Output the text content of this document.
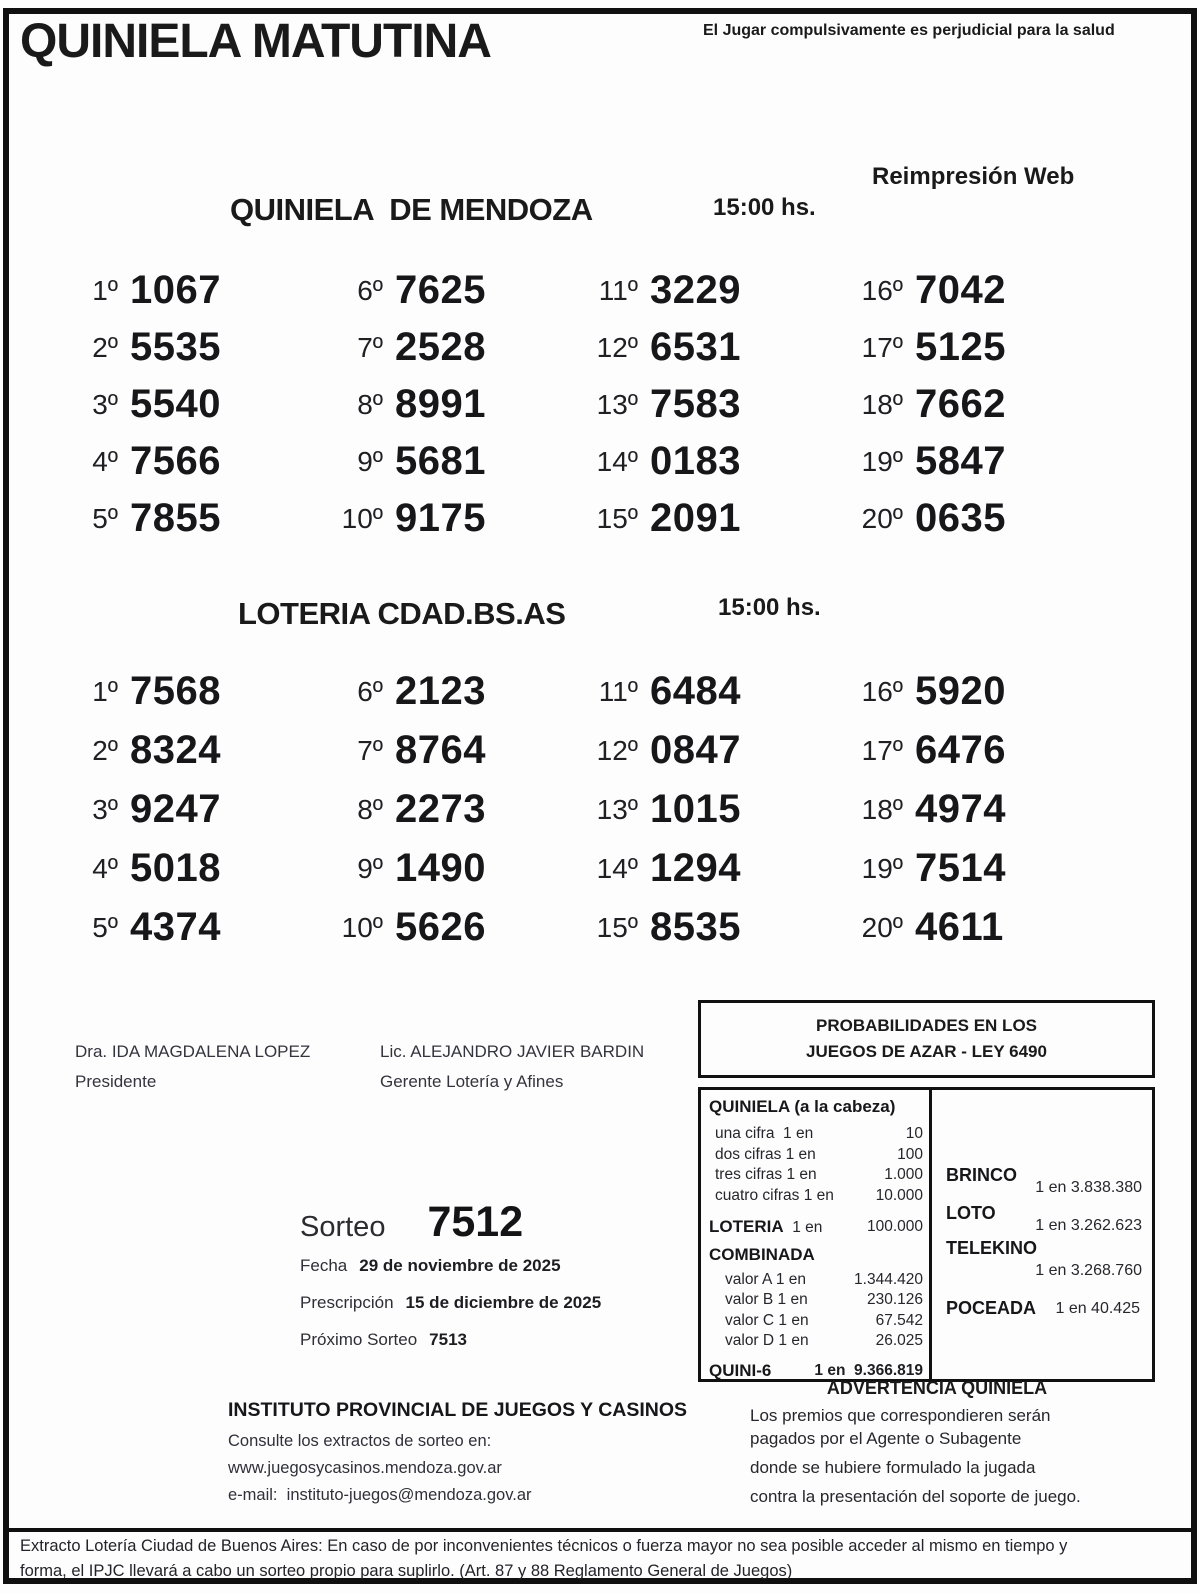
QUINIELA MATUTINA	El Jugar compulsivamente es perjudicial para la salud
QUINIELA  DE MENDOZA	15:00 hs.
Reimpresión Web
1º 1067
2º 5535
3º 5540
4º 7566
5º 7855
6º 7625
7º 2528
8º 8991
9º 5681
10º 9175
11º 3229
12º 6531
13º 7583
14º 0183
15º 2091
16º 7042
17º 5125
18º 7662
19º 5847
20º 0635
LOTERIA CDAD.BS.AS	15:00 hs.
1º 7568
2º 8324
3º 9247
4º 5018
5º 4374
6º 2123
7º 8764
8º 2273
9º 1490
10º 5626
11º 6484
12º 0847
13º 1015
14º 1294
15º 8535
16º 5920
17º 6476
18º 4974
19º 7514
20º 4611
Dra. IDA MAGDALENA LOPEZ
Presidente
Lic. ALEJANDRO JAVIER BARDIN
Gerente Lotería y Afines
Sorteo 7512
Fecha 29 de noviembre de 2025
Prescripción 15 de diciembre de 2025
Próximo Sorteo 7513
PROBABILIDADES EN LOS
JUEGOS DE AZAR - LEY 6490
QUINIELA (a la cabeza)
una cifra  1 en	10
dos cifras 1 en	100
tres cifras 1 en	1.000
cuatro cifras 1 en	10.000
LOTERIA 1 en	100.000
COMBINADA
valor A 1 en	1.344.420
valor B 1 en	230.126
valor C 1 en	67.542
valor D 1 en	26.025
QUINI-6	1 en  9.366.819
BRINCO
1 en 3.838.380
LOTO
1 en 3.262.623
TELEKINO
1 en 3.268.760
POCEADA 1 en 40.425
ADVERTENCIA QUINIELA
Los premios que correspondieren serán
pagados por el Agente o Subagente
donde se hubiere formulado la jugada
contra la presentación del soporte de juego.
INSTITUTO PROVINCIAL DE JUEGOS Y CASINOS
Consulte los extractos de sorteo en:
www.juegosycasinos.mendoza.gov.ar
e-mail:  instituto-juegos@mendoza.gov.ar
Extracto Lotería Ciudad de Buenos Aires: En caso de por inconvenientes técnicos o fuerza mayor no sea posible acceder al mismo en tiempo y
forma, el IPJC llevará a cabo un sorteo propio para suplirlo. (Art. 87 y 88 Reglamento General de Juegos)
